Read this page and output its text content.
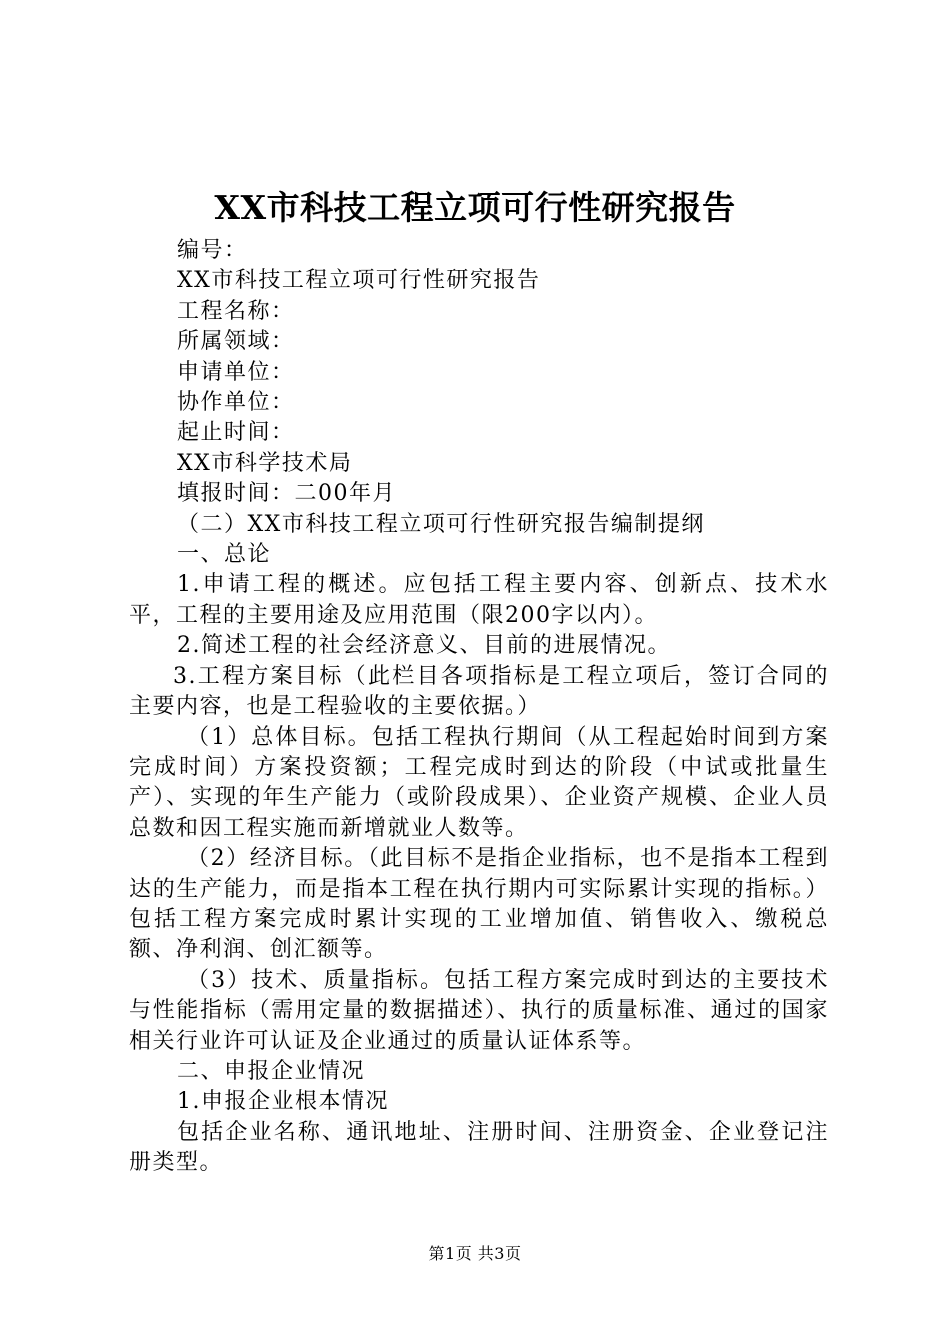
XX市科技工程立项可行性研究报告

编号：

XX市科技工程立项可行性研究报告

工程名称：

所属领域：

申请单位：

协作单位：

起止时间：

XX市科学技术局

填报时间：二00年月

（二）XX市科技工程立项可行性研究报告编制提纲

一、总论

1.申请工程的概述。应包括工程主要内容、创新点、技术水平，工程的主要用途及应用范围（限200字以内）。

2.简述工程的社会经济意义、目前的进展情况。

3.工程方案目标（此栏目各项指标是工程立项后，签订合同的主要内容，也是工程验收的主要依据。）

（1）总体目标。包括工程执行期间（从工程起始时间到方案完成时间）方案投资额；工程完成时到达的阶段（中试或批量生产）、实现的年生产能力（或阶段成果）、企业资产规模、企业人员总数和因工程实施而新增就业人数等。

（2）经济目标。（此目标不是指企业指标，也不是指本工程到达的生产能力，而是指本工程在执行期内可实际累计实现的指标。）包括工程方案完成时累计实现的工业增加值、销售收入、缴税总额、净利润、创汇额等。

（3）技术、质量指标。包括工程方案完成时到达的主要技术与性能指标（需用定量的数据描述）、执行的质量标准、通过的国家相关行业许可认证及企业通过的质量认证体系等。

二、申报企业情况

1.申报企业根本情况

包括企业名称、通讯地址、注册时间、注册资金、企业登记注册类型。

第1页 共3页
